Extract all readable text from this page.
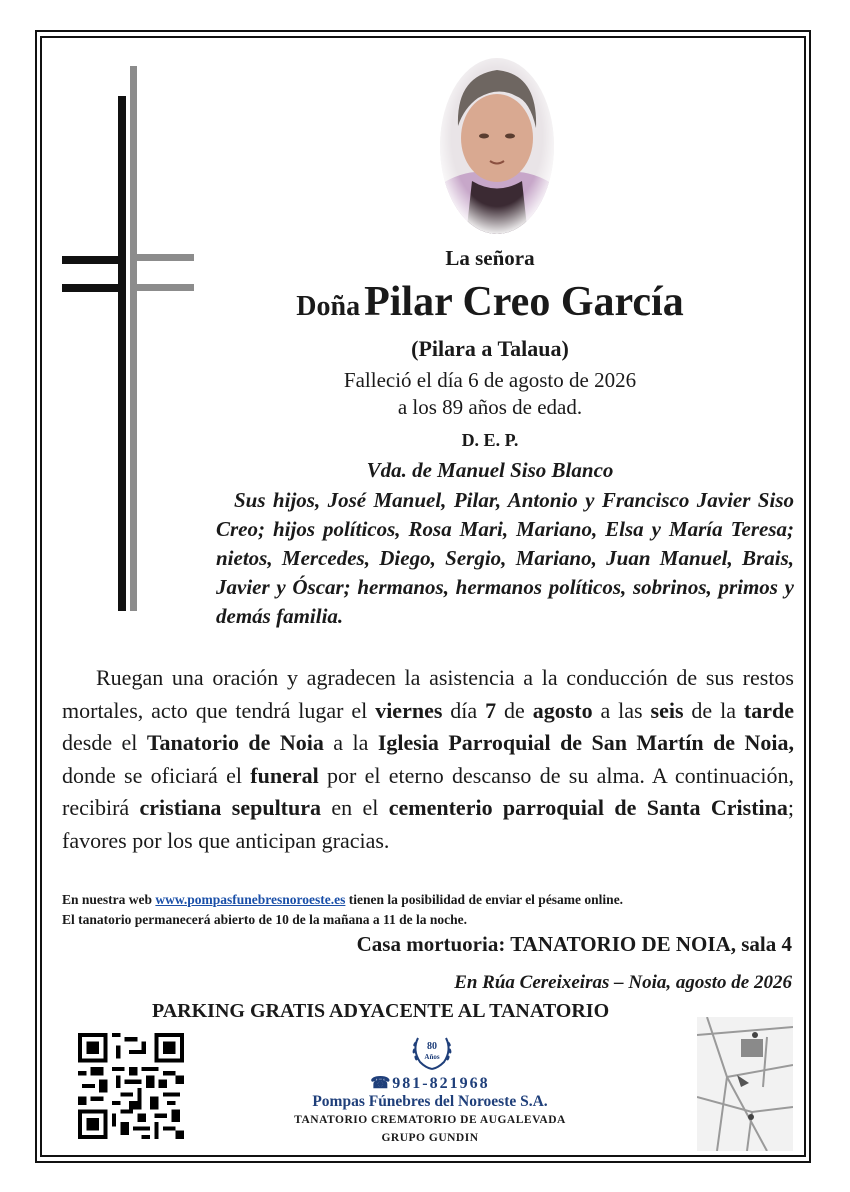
La señora
Doña Pilar Creo García
(Pilara a Talaua)
Falleció el día 6 de agosto de 2026
a los 89 años de edad.
D. E. P.
Vda. de Manuel Siso Blanco
Sus hijos, José Manuel, Pilar, Antonio y Francisco Javier Siso Creo; hijos políticos, Rosa Mari, Mariano, Elsa y María Teresa; nietos, Mercedes, Diego, Sergio, Mariano, Juan Manuel, Brais, Javier y Óscar; hermanos, hermanos políticos, sobrinos, primos y demás familia.
Ruegan una oración y agradecen la asistencia a la conducción de sus restos mortales, acto que tendrá lugar el viernes día 7 de agosto a las seis de la tarde desde el Tanatorio de Noia a la Iglesia Parroquial de San Martín de Noia, donde se oficiará el funeral por el eterno descanso de su alma. A continuación, recibirá cristiana sepultura en el cementerio parroquial de Santa Cristina; favores por los que anticipan gracias.
En nuestra web www.pompasfunebresnoroeste.es tienen la posibilidad de enviar el pésame online.
El tanatorio permanecerá abierto de 10 de la mañana a 11 de la noche.
Casa mortuoria: TANATORIO DE NOIA, sala 4
En Rúa Cereixeiras – Noia, agosto de 2026
PARKING GRATIS ADYACENTE AL TANATORIO
80
Años
☎981-821968
Pompas Fúnebres del Noroeste S.A.
TANATORIO CREMATORIO DE AUGALEVADA
GRUPO GUNDIN
